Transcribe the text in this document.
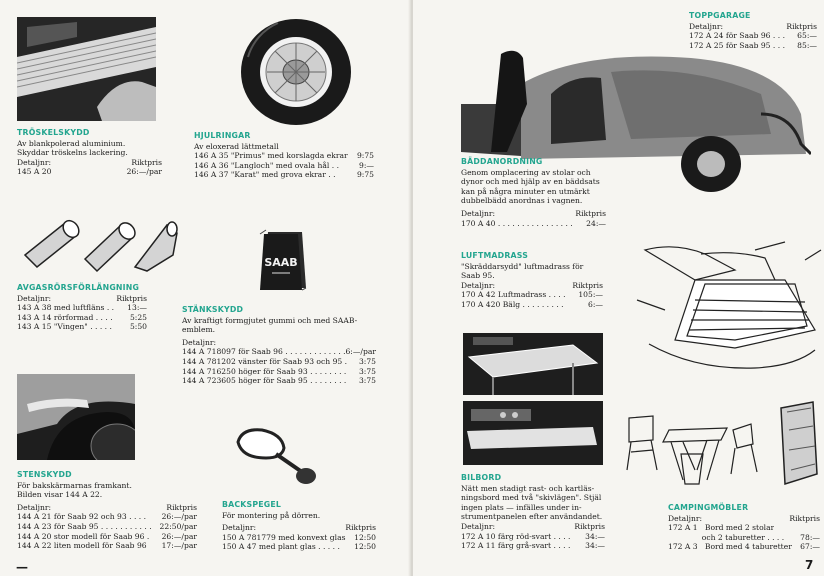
TRÖSKELSKYDD
Av blankpolerad aluminium.
Skyddar tröskelns lackering.
Detaljnr:	Riktpris
145 A 20	26:—/par
HJULRINGAR
Av eloxerad lättmetall
146 A 35 "Primus" med korslagda ekrar 9:75
146 A 36 "Langloch" med ovala hål . .	9:—
146 A 37 "Karat" med grova ekrar . .	9:75
SAAB
AVGASRÖRSFÖRLÄNGNING
Detaljnr:	Riktpris
143 A 38 med luftfläns . . 13:—
143 A 14 rörformad . . . . 5:25
143 A 15 "Vingen" . . . . . 5:50
STÄNKSKYDD
Av kraftigt formgjutet gummi och med SAAB-
emblem.
Detaljnr:
144 A 718097 för Saab 96 . . . . . . . . . . . . . 6:—/par
144 A 781202 vänster för Saab 93 och 95 . 3:75
144 A 716250 höger för Saab 93 . . . . . . . . 3:75
144 A 723605 höger för Saab 95 . . . . . . . . 3:75
STENSKYDD
För bakskärmarnas framkant.
Bilden visar 144 A 22.
Detaljnr:	Riktpris
144 A 21 för Saab 92 och 93 . . . . 26:—/par
144 A 23 för Saab 95 . . . . . . . . . . . 22:50/par
144 A 20 stor modell för Saab 96 . 26:—/par
144 A 22 liten modell för Saab 96 17:—/par
BACKSPEGEL
För montering på dörren.
Detaljnr:	Riktpris
150 A 781779 med konvext glas 12:50
150 A 47 med plant glas . . . . . 12:50
—
TOPPGARAGE
Detaljnr:	Riktpris
172 A 24 för Saab 96 . . . 65:—
172 A 25 för Saab 95 . . . 85:—
BÄDDANORDNING
Genom omplacering av stolar och
dynor och med hjälp av en bäddsats
kan på några minuter en utmärkt
dubbelbädd anordnas i vagnen.
Detaljnr:	Riktpris
170 A 40 . . . . . . . . . . . . . . . . 24:—
LUFTMADRASS
"Skräddarsydd" luftmadrass för
Saab 95.
Detaljnr:	Riktpris
170 A 42 Luftmadrass . . . . 105:—
170 A 420 Bälg . . . . . . . . .	6:—
BILBORD
Nätt men stadigt rast- och kartläs-
ningsbord med två "skivlägen". Stjäl
ingen plats — infälles under in-
strumentpanelen efter användandet.
Detaljnr:	Riktpris
172 A 10 färg röd-svart . . . . 34:—
172 A 11 färg grå-svart . . . . 34:—
CAMPINGMÖBLER
Detaljnr:	Riktpris
172 A 1   Bord med 2 stolar
och 2 taburetter . . . . 78:—
172 A 3   Bord med 4 taburetter 67:—
7
